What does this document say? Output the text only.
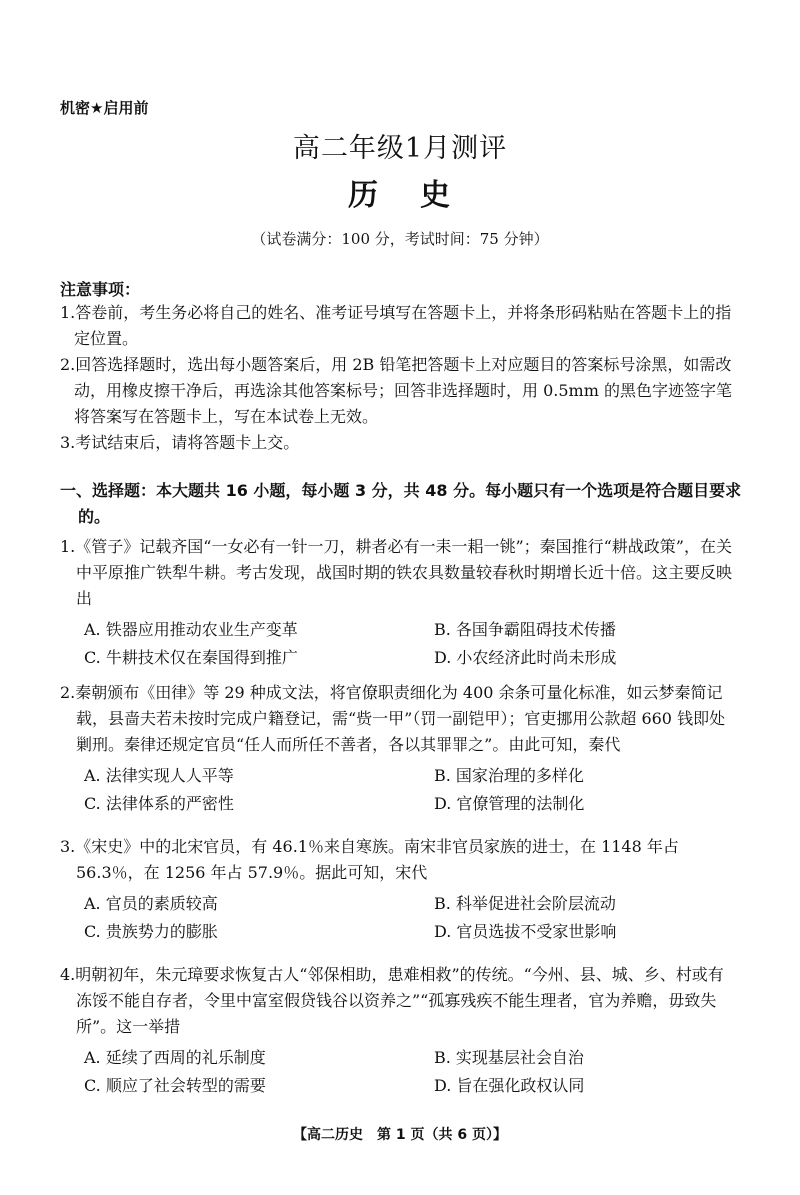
机密★启用前
高二年级1月测评
历 史
（试卷满分：100 分，考试时间：75 分钟）
注意事项：
1.答卷前，考生务必将自己的姓名、准考证号填写在答题卡上，并将条形码粘贴在答题卡上的指定位置。
2.回答选择题时，选出每小题答案后，用 2B 铅笔把答题卡上对应题目的答案标号涂黑，如需改动，用橡皮擦干净后，再选涂其他答案标号；回答非选择题时，用 0.5mm 的黑色字迹签字笔将答案写在答题卡上，写在本试卷上无效。
3.考试结束后，请将答题卡上交。
一、选择题：本大题共 16 小题，每小题 3 分，共 48 分。每小题只有一个选项是符合题目要求的。

1.《管子》记载齐国“一女必有一针一刀，耕者必有一耒一耜一铫”；秦国推行“耕战政策”，在关中平原推广铁犁牛耕。考古发现，战国时期的铁农具数量较春秋时期增长近十倍。这主要反映出

A. 铁器应用推动农业生产变革	B. 各国争霸阻碍技术传播
C. 牛耕技术仅在秦国得到推广	D. 小农经济此时尚未形成

2.秦朝颁布《田律》等 29 种成文法，将官僚职责细化为 400 余条可量化标准，如云梦秦简记载，县啬夫若未按时完成户籍登记，需“赀一甲”（罚一副铠甲）；官吏挪用公款超 660 钱即处剿刑。秦律还规定官员“任人而所任不善者，各以其罪罪之”。由此可知，秦代

A. 法律实现人人平等	B. 国家治理的多样化
C. 法律体系的严密性	D. 官僚管理的法制化

3.《宋史》中的北宋官员，有 46.1％来自寒族。南宋非官员家族的进士，在 1148 年占 56.3％，在 1256 年占 57.9％。据此可知，宋代

A. 官员的素质较高	B. 科举促进社会阶层流动
C. 贵族势力的膨胀	D. 官员选拔不受家世影响

4.明朝初年，朱元璋要求恢复古人“邻保相助，患难相救”的传统。“今州、县、城、乡、村或有冻馁不能自存者，令里中富室假贷钱谷以资养之”“孤寡残疾不能生理者，官为养赡，毋致失所”。这一举措

A. 延续了西周的礼乐制度	B. 实现基层社会自治
C. 顺应了社会转型的需要	D. 旨在强化政权认同
【高二历史　第 1 页（共 6 页）】
